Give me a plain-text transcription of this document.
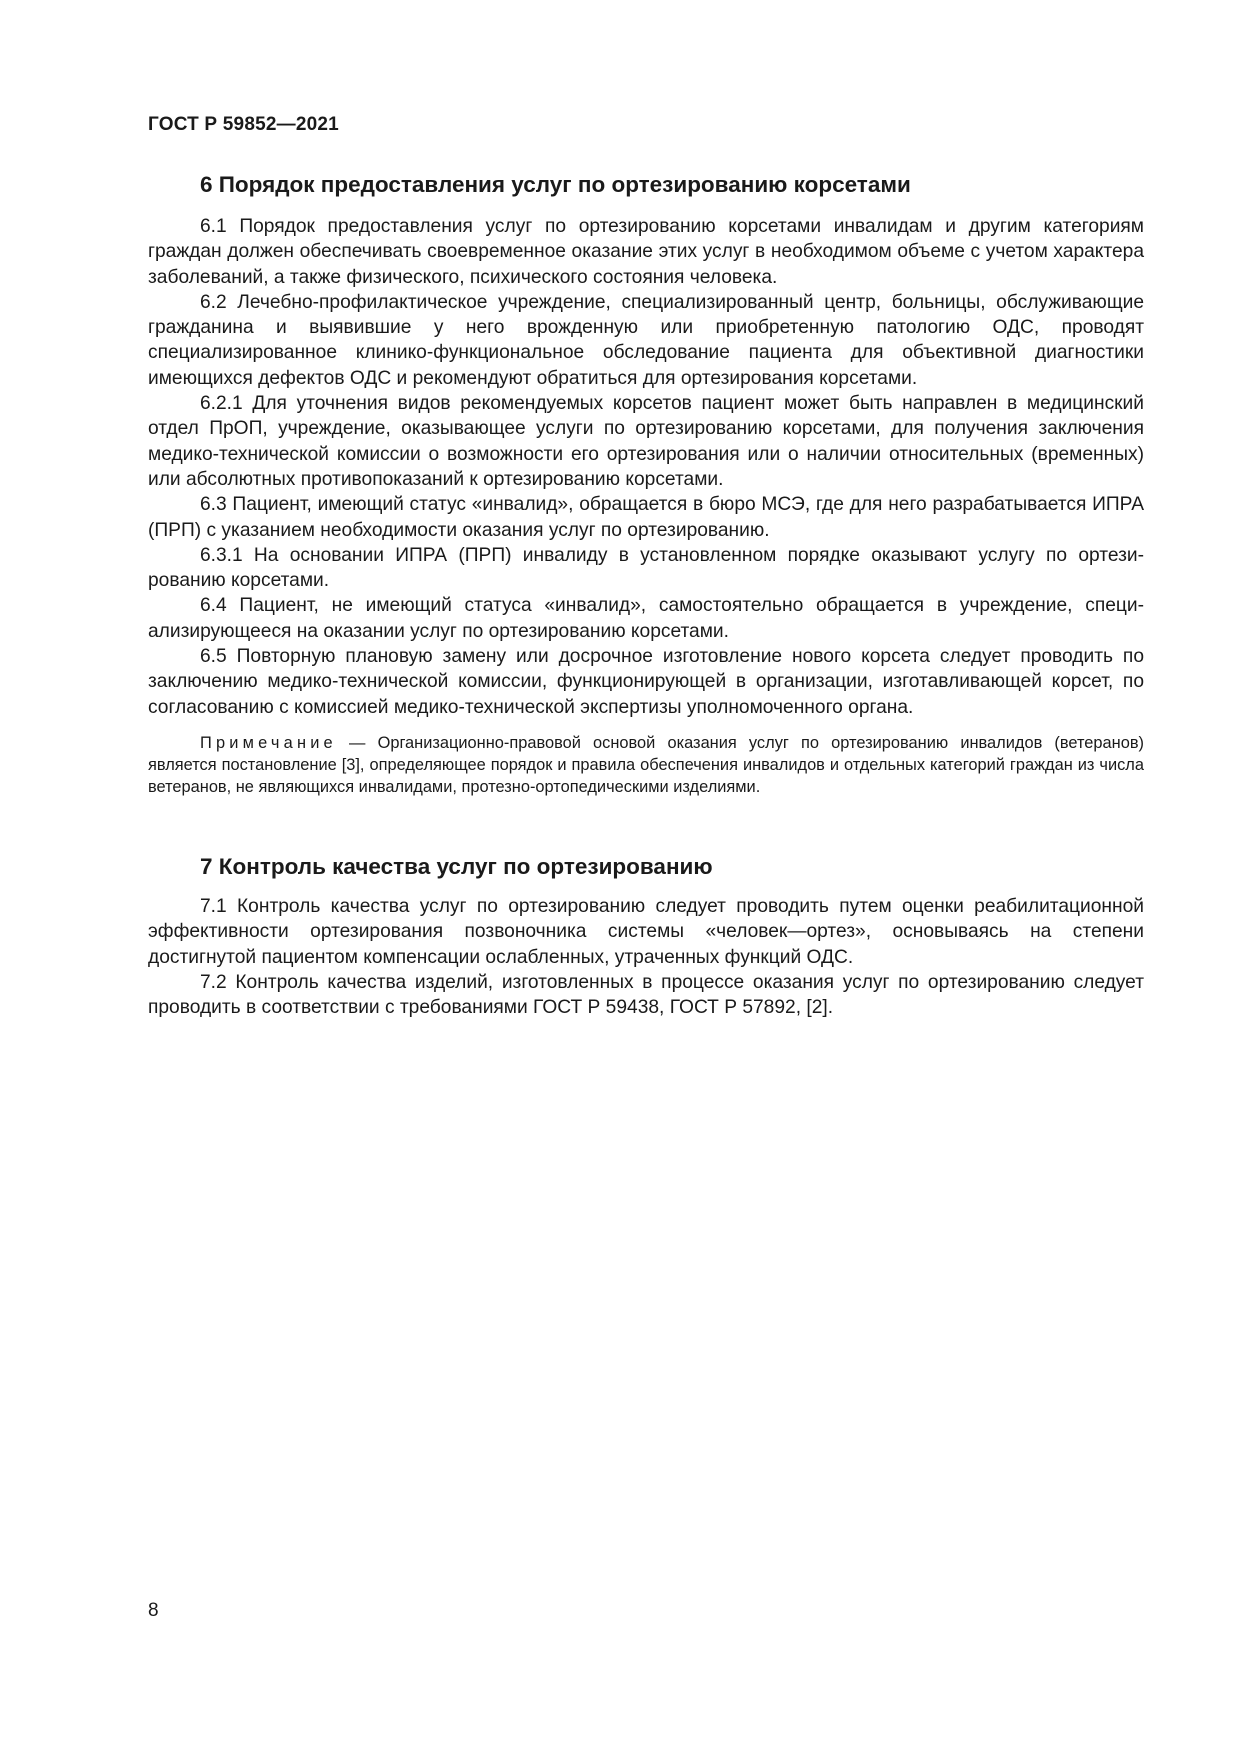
ГОСТ Р 59852—2021
6 Порядок предоставления услуг по ортезированию корсетами

6.1 Порядок предоставления услуг по ортезированию корсетами инвалидам и другим категориям граждан должен обеспечивать своевременное оказание этих услуг в необходимом объеме с учетом характера заболеваний, а также физического, психического состояния человека.

6.2 Лечебно-профилактическое учреждение, специализированный центр, больницы, обслуживающие гражданина и выявившие у него врожденную или приобретенную патологию ОДС, проводят специализированное клинико-функциональное обследование пациента для объективной диагностики имеющихся дефектов ОДС и рекомендуют обратиться для ортезирования корсетами.

6.2.1 Для уточнения видов рекомендуемых корсетов пациент может быть направлен в медицинский отдел ПрОП, учреждение, оказывающее услуги по ортезированию корсетами, для получения заключения медико-технической комиссии о возможности его ортезирования или о наличии относительных (временных) или абсолютных противопоказаний к ортезированию корсетами.

6.3 Пациент, имеющий статус «инвалид», обращается в бюро МСЭ, где для него разрабатывается ИПРА (ПРП) с указанием необходимости оказания услуг по ортезированию.

6.3.1 На основании ИПРА (ПРП) инвалиду в установленном порядке оказывают услугу по ортезированию корсетами.

6.4 Пациент, не имеющий статуса «инвалид», самостоятельно обращается в учреждение, специализирующееся на оказании услуг по ортезированию корсетами.

6.5 Повторную плановую замену или досрочное изготовление нового корсета следует проводить по заключению медико-технической комиссии, функционирующей в организации, изготавливающей корсет, по согласованию с комиссией медико-технической экспертизы уполномоченного органа.

Примечание — Организационно-правовой основой оказания услуг по ортезированию инвалидов (ветеранов) является постановление [3], определяющее порядок и правила обеспечения инвалидов и отдельных категорий граждан из числа ветеранов, не являющихся инвалидами, протезно-ортопедическими изделиями.

7 Контроль качества услуг по ортезированию

7.1 Контроль качества услуг по ортезированию следует проводить путем оценки реабилитационной эффективности ортезирования позвоночника системы «человек—ортез», основываясь на степени достигнутой пациентом компенсации ослабленных, утраченных функций ОДС.

7.2 Контроль качества изделий, изготовленных в процессе оказания услуг по ортезированию следует проводить в соответствии с требованиями ГОСТ Р 59438, ГОСТ Р 57892, [2].

8
